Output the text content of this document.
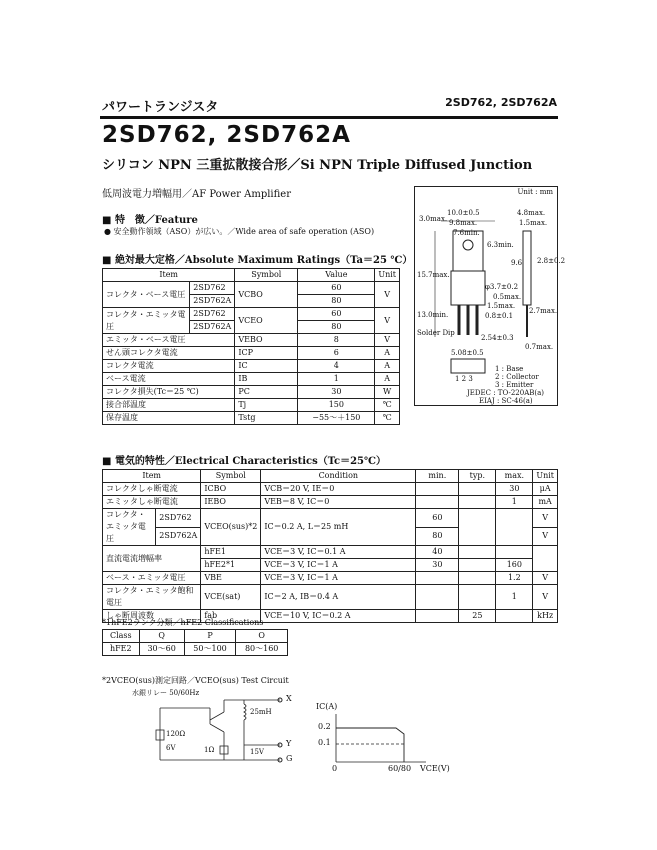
パワートランジスタ	2SD762, 2SD762A
2SD762, 2SD762A
シリコン NPN 三重拡散接合形／Si NPN Triple Diffused Junction
低周波電力増幅用／AF Power Amplifier
■ 特　徴／Feature
● 安全動作領域（ASO）が広い。／Wide area of safe operation (ASO)
■ 絶対最大定格／Absolute Maximum Ratings（Ta＝25 ℃）
Item		Symbol	Value	Unit
コレクタ・ベース電圧	2SD762	VCBO	60	V
	2SD762A		80	
コレクタ・エミッタ電圧	2SD762	VCEO	60	V
	2SD762A		80	
エミッタ・ベース電圧		VEBO	8	V
せん頭コレクタ電流		ICP	6	A
コレクタ電流		IC	4	A
ベース電流		IB	1	A
コレクタ損失(Tc＝25 ℃)		PC	30	W
接合部温度		Tj	150	℃
保存温度		Tstg	−55～＋150	℃
Unit : mm
10.0±0.5
9.8max.
7.6min.
4.8max.
1.5max.
3.0max.
6.3min.
15.7max.
13.0min.
φ3.7±0.2
0.5max.
1.5max.
0.8±0.1
2.7max.
2.54±0.3
0.7max.
5.08±0.5
2.8±0.2
9.6
Solder Dip
1 2 3
1 : Base
2 : Collector
3 : Emitter
JEDEC : TO-220AB(a)
EIAJ : SC-46(a)
■ 電気的特性／Electrical Characteristics（Tc＝25℃）
Item		Symbol	Condition	min.	typ.	max.	Unit
コレクタしゃ断電流		ICBO	VCB＝20 V, IE＝0			30	μA
エミッタしゃ断電流		IEBO	VEB＝8 V, IC＝0			1	mA
コレクタ・エミッタ電圧	2SD762	VCEO(sus)*2	IC＝0.2 A, L＝25 mH	60			V
	2SD762A			80			V
直流電流増幅率		hFE1	VCE＝3 V, IC＝0.1 A	40			
		hFE2*1	VCE＝3 V, IC＝1 A	30		160	
ベース・エミッタ電圧		VBE	VCE＝3 V, IC＝1 A			1.2	V
コレクタ・エミッタ飽和電圧		VCE(sat)	IC＝2 A, IB＝0.4 A			1	V
しゃ断周波数		fab	VCE＝10 V, IC＝0.2 A		25		kHz
*1hFE2ランク分類／hFE2 Classifications
Class	Q	P	O
hFE2	30～60	50～100	80～160
*2VCEO(sus)測定回路／VCEO(sus) Test Circuit
水銀リレー 50/60Hz
X
Y
G
25mH
120Ω
6V	1Ω	15V
IC(A)
0.2
0.1
0	60/80 VCE(V)
